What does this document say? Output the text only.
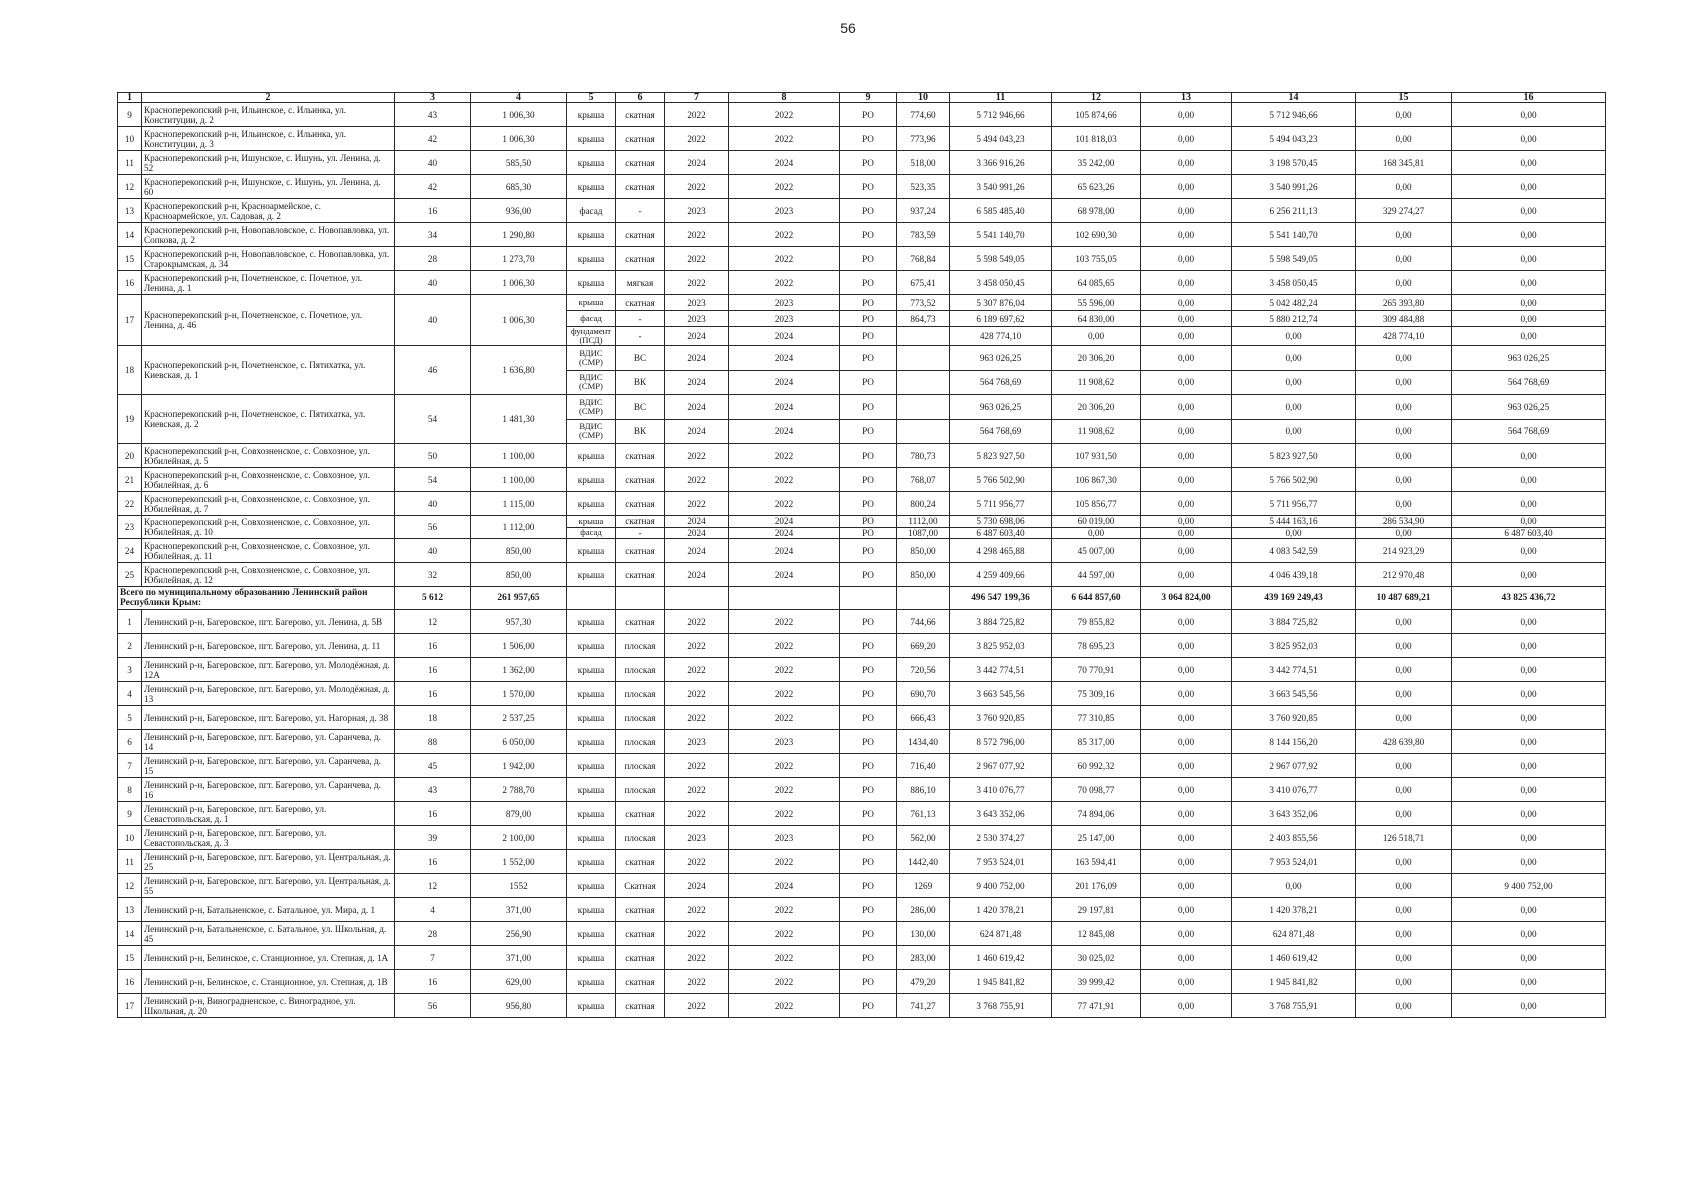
56
1	2	3	4	5	6	7	8	9	10	11	12	13	14	15	16
9	Красноперекопский р-н, Ильинское, с. Ильинка, ул. Конституции, д. 2	43	1 006,30	крыша	скатная	2022	2022	РО	774,60	5 712 946,66	105 874,66	0,00	5 712 946,66	0,00	0,00
10	Красноперекопский р-н, Ильинское, с. Ильинка, ул. Конституции, д. 3	42	1 006,30	крыша	скатная	2022	2022	РО	773,96	5 494 043,23	101 818,03	0,00	5 494 043,23	0,00	0,00
11	Красноперекопский р-н, Ишунское, с. Ишунь, ул. Ленина, д. 52	40	585,50	крыша	скатная	2024	2024	РО	518,00	3 366 916,26	35 242,00	0,00	3 198 570,45	168 345,81	0,00
12	Красноперекопский р-н, Ишунское, с. Ишунь, ул. Ленина, д. 60	42	685,30	крыша	скатная	2022	2022	РО	523,35	3 540 991,26	65 623,26	0,00	3 540 991,26	0,00	0,00
13	Красноперекопский р-н, Красноармейское, с. Красноармейское, ул. Садовая, д. 2	16	936,00	фасад	-	2023	2023	РО	937,24	6 585 485,40	68 978,00	0,00	6 256 211,13	329 274,27	0,00
14	Красноперекопский р-н, Новопавловское, с. Новопавловка, ул. Сопкова, д. 2	34	1 290,80	крыша	скатная	2022	2022	РО	783,59	5 541 140,70	102 690,30	0,00	5 541 140,70	0,00	0,00
15	Красноперекопский р-н, Новопавловское, с. Новопавловка, ул. Старокрымская, д. 34	28	1 273,70	крыша	скатная	2022	2022	РО	768,84	5 598 549,05	103 755,05	0,00	5 598 549,05	0,00	0,00
16	Красноперекопский р-н, Почетненское, с. Почетное, ул. Ленина, д. 1	40	1 006,30	крыша	мягкая	2022	2022	РО	675,41	3 458 050,45	64 085,65	0,00	3 458 050,45	0,00	0,00
17	Красноперекопский р-н, Почетненское, с. Почетное, ул. Ленина, д. 46	40	1 006,30	крыша	скатная	2023	2023	РО	773,52	5 307 876,04	55 596,00	0,00	5 042 482,24	265 393,80	0,00
				фасад	-	2023	2023	РО	864,73	6 189 697,62	64 830,00	0,00	5 880 212,74	309 484,88	0,00
				фундамент (ПСД)	-	2024	2024	РО		428 774,10	0,00	0,00	0,00	428 774,10	0,00
18	Красноперекопский р-н, Почетненское, с. Пятихатка, ул. Киевская, д. 1	46	1 636,80	ВДИС (СМР)	ВС	2024	2024	РО		963 026,25	20 306,20	0,00	0,00	0,00	963 026,25
				ВДИС (СМР)	ВК	2024	2024	РО		564 768,69	11 908,62	0,00	0,00	0,00	564 768,69
19	Красноперекопский р-н, Почетненское, с. Пятихатка, ул. Киевская, д. 2	54	1 481,30	ВДИС (СМР)	ВС	2024	2024	РО		963 026,25	20 306,20	0,00	0,00	0,00	963 026,25
				ВДИС (СМР)	ВК	2024	2024	РО		564 768,69	11 908,62	0,00	0,00	0,00	564 768,69
20	Красноперекопский р-н, Совхозненское, с. Совхозное, ул. Юбилейная, д. 5	50	1 100,00	крыша	скатная	2022	2022	РО	780,73	5 823 927,50	107 931,50	0,00	5 823 927,50	0,00	0,00
21	Красноперекопский р-н, Совхозненское, с. Совхозное, ул. Юбилейная, д. 6	54	1 100,00	крыша	скатная	2022	2022	РО	768,07	5 766 502,90	106 867,30	0,00	5 766 502,90	0,00	0,00
22	Красноперекопский р-н, Совхозненское, с. Совхозное, ул. Юбилейная, д. 7	40	1 115,00	крыша	скатная	2022	2022	РО	800,24	5 711 956,77	105 856,77	0,00	5 711 956,77	0,00	0,00
23	Красноперекопский р-н, Совхозненское, с. Совхозное, ул. Юбилейная, д. 10	56	1 112,00	крыша	скатная	2024	2024	РО	1112,00	5 730 698,06	60 019,00	0,00	5 444 163,16	286 534,90	0,00
				фасад	-	2024	2024	РО	1087,00	6 487 603,40	0,00	0,00	0,00	0,00	6 487 603,40
24	Красноперекопский р-н, Совхозненское, с. Совхозное, ул. Юбилейная, д. 11	40	850,00	крыша	скатная	2024	2024	РО	850,00	4 298 465,88	45 007,00	0,00	4 083 542,59	214 923,29	0,00
25	Красноперекопский р-н, Совхозненское, с. Совхозное, ул. Юбилейная, д. 12	32	850,00	крыша	скатная	2024	2024	РО	850,00	4 259 409,66	44 597,00	0,00	4 046 439,18	212 970,48	0,00
Всего по муниципальному образованию Ленинский район Республики Крым:		5 612	261 957,65							496 547 199,36	6 644 857,60	3 064 824,00	439 169 249,43	10 487 689,21	43 825 436,72
1	Ленинский р-н, Багеровское, пгт. Багерово, ул. Ленина, д. 5В	12	957,30	крыша	скатная	2022	2022	РО	744,66	3 884 725,82	79 855,82	0,00	3 884 725,82	0,00	0,00
2	Ленинский р-н, Багеровское, пгт. Багерово, ул. Ленина, д. 11	16	1 506,00	крыша	плоская	2022	2022	РО	669,20	3 825 952,03	78 695,23	0,00	3 825 952,03	0,00	0,00
3	Ленинский р-н, Багеровское, пгт. Багерово, ул. Молодёжная, д. 12А	16	1 362,00	крыша	плоская	2022	2022	РО	720,56	3 442 774,51	70 770,91	0,00	3 442 774,51	0,00	0,00
4	Ленинский р-н, Багеровское, пгт. Багерово, ул. Молодёжная, д. 13	16	1 570,00	крыша	плоская	2022	2022	РО	690,70	3 663 545,56	75 309,16	0,00	3 663 545,56	0,00	0,00
5	Ленинский р-н, Багеровское, пгт. Багерово, ул. Нагорная, д. 38	18	2 537,25	крыша	плоская	2022	2022	РО	666,43	3 760 920,85	77 310,85	0,00	3 760 920,85	0,00	0,00
6	Ленинский р-н, Багеровское, пгт. Багерово, ул. Саранчева, д. 14	88	6 050,00	крыша	плоская	2023	2023	РО	1434,40	8 572 796,00	85 317,00	0,00	8 144 156,20	428 639,80	0,00
7	Ленинский р-н, Багеровское, пгт. Багерово, ул. Саранчева, д. 15	45	1 942,00	крыша	плоская	2022	2022	РО	716,40	2 967 077,92	60 992,32	0,00	2 967 077,92	0,00	0,00
8	Ленинский р-н, Багеровское, пгт. Багерово, ул. Саранчева, д. 16	43	2 788,70	крыша	плоская	2022	2022	РО	886,10	3 410 076,77	70 098,77	0,00	3 410 076,77	0,00	0,00
9	Ленинский р-н, Багеровское, пгт. Багерово, ул. Севастопольская, д. 1	16	879,00	крыша	скатная	2022	2022	РО	761,13	3 643 352,06	74 894,06	0,00	3 643 352,06	0,00	0,00
10	Ленинский р-н, Багеровское, пгт. Багерово, ул. Севастопольская, д. 3	39	2 100,00	крыша	плоская	2023	2023	РО	562,00	2 530 374,27	25 147,00	0,00	2 403 855,56	126 518,71	0,00
11	Ленинский р-н, Багеровское, пгт. Багерово, ул. Центральная, д. 25	16	1 552,00	крыша	скатная	2022	2022	РО	1442,40	7 953 524,01	163 594,41	0,00	7 953 524,01	0,00	0,00
12	Ленинский р-н, Багеровское, пгт. Багерово, ул. Центральная, д. 55	12	1552	крыша	Скатная	2024	2024	РО	1269	9 400 752,00	201 176,09	0,00	0,00	0,00	9 400 752,00
13	Ленинский р-н, Батальненское, с. Батальное, ул. Мира, д. 1	4	371,00	крыша	скатная	2022	2022	РО	286,00	1 420 378,21	29 197,81	0,00	1 420 378,21	0,00	0,00
14	Ленинский р-н, Батальненское, с. Батальное, ул. Школьная, д. 45	28	256,90	крыша	скатная	2022	2022	РО	130,00	624 871,48	12 845,08	0,00	624 871,48	0,00	0,00
15	Ленинский р-н, Белинское, с. Станционное, ул. Степная, д. 1А	7	371,00	крыша	скатная	2022	2022	РО	283,00	1 460 619,42	30 025,02	0,00	1 460 619,42	0,00	0,00
16	Ленинский р-н, Белинское, с. Станционное, ул. Степная, д. 1В	16	629,00	крыша	скатная	2022	2022	РО	479,20	1 945 841,82	39 999,42	0,00	1 945 841,82	0,00	0,00
17	Ленинский р-н, Виноградненское, с. Виноградное, ул. Школьная, д. 20	56	956,80	крыша	скатная	2022	2022	РО	741,27	3 768 755,91	77 471,91	0,00	3 768 755,91	0,00	0,00
